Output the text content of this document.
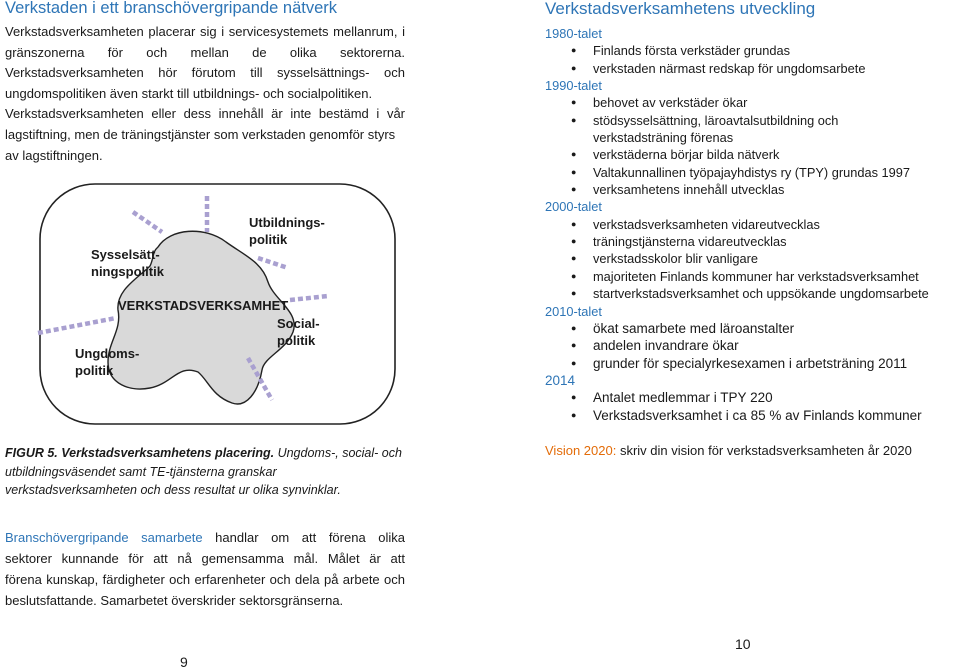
Verkstaden i ett branschövergripande nätverk
Verkstadsverksamheten placerar sig i servicesystemets mellanrum, i
gränszonerna för och mellan de olika sektorerna.
Verkstadsverksamheten hör förutom till sysselsättnings- och
ungdomspolitiken även starkt till utbildnings- och socialpolitiken.
Verkstadsverksamheten eller dess innehåll är inte bestämd i vår
lagstiftning, men de träningstjänster som verkstaden genomför styrs
av lagstiftningen.
Sysselsätt-
ningspolitik
Utbildnings-
politik
VERKSTADSVERKSAMHET
Social-
politik
Ungdoms-
politik
FIGUR 5. Verkstadsverksamhetens placering. Ungdoms-, social- och
utbildningsväsendet samt TE-tjänsterna granskar
verkstadsverksamheten och dess resultat ur olika synvinklar.
Branschövergripande samarbete handlar om att förena olika
sektorer kunnande för att nå gemensamma mål. Målet är att
förena kunskap, färdigheter och erfarenheter och dela på arbete och
beslutsfattande. Samarbetet överskrider sektorsgränserna.
9
Verkstadsverksamhetens utveckling
1980-talet
● Finlands första verkstäder grundas
● verkstaden närmast redskap för ungdomsarbete
1990-talet
● behovet av verkstäder ökar
● stödsysselsättning, läroavtalsutbildning och
verkstadsträning förenas
● verkstäderna börjar bilda nätverk
● Valtakunnallinen työpajayhdistys ry (TPY) grundas 1997
● verksamhetens innehåll utvecklas
2000-talet
● verkstadsverksamheten vidareutvecklas
● träningstjänsterna vidareutvecklas
● verkstadsskolor blir vanligare
● majoriteten Finlands kommuner har verkstadsverksamhet
● startverkstadsverksamhet och uppsökande ungdomsarbete
2010-talet
● ökat samarbete med läroanstalter
● andelen invandrare ökar
● grunder för specialyrkesexamen i arbetsträning 2011
2014
● Antalet medlemmar i TPY 220
● Verkstadsverksamhet i ca 85 % av Finlands kommuner
Vision 2020: skriv din vision för verkstadsverksamheten år 2020
10
